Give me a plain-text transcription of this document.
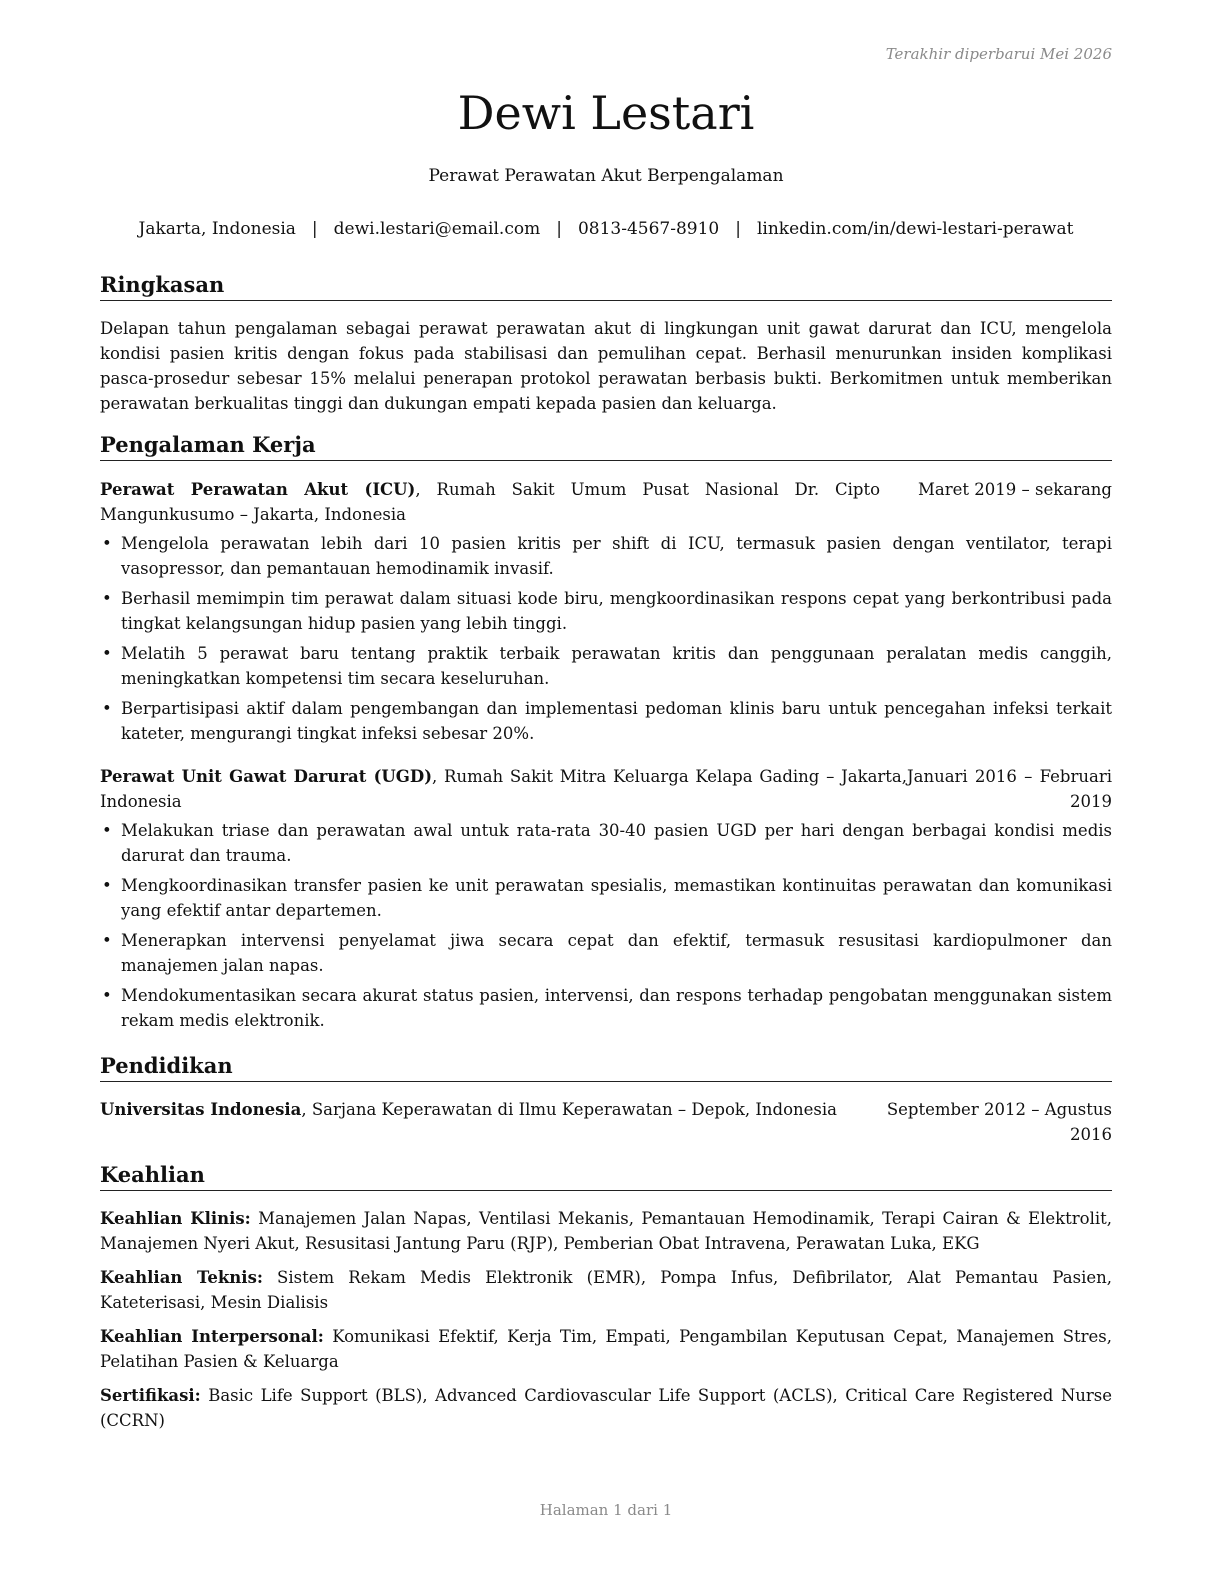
Terakhir diperbarui Mei 2026
Dewi Lestari
Perawat Perawatan Akut Berpengalaman
Jakarta, Indonesia | dewi.lestari@email.com | 0813-4567-8910 | linkedin.com/in/dewi-lestari-perawat
Ringkasan

Delapan tahun pengalaman sebagai perawat perawatan akut di lingkungan unit gawat darurat dan ICU, mengelola kondisi pasien kritis dengan fokus pada stabilisasi dan pemulihan cepat. Berhasil menurunkan insiden komplikasi pasca-prosedur sebesar 15% melalui penerapan protokol perawatan berbasis bukti. Berkomitmen untuk memberikan perawatan berkualitas tinggi dan dukungan empati kepada pasien dan keluarga.

Pengalaman Kerja
Perawat Perawatan Akut (ICU), Rumah Sakit Umum Pusat Nasional Dr. Cipto Mangunkusumo – Jakarta, Indonesia
Maret 2019 – sekarang
• Mengelola perawatan lebih dari 10 pasien kritis per shift di ICU, termasuk pasien dengan ventilator, terapi vasopressor, dan pemantauan hemodinamik invasif.
• Berhasil memimpin tim perawat dalam situasi kode biru, mengkoordinasikan respons cepat yang berkontribusi pada tingkat kelangsungan hidup pasien yang lebih tinggi.
• Melatih 5 perawat baru tentang praktik terbaik perawatan kritis dan penggunaan peralatan medis canggih, meningkatkan kompetensi tim secara keseluruhan.
• Berpartisipasi aktif dalam pengembangan dan implementasi pedoman klinis baru untuk pencegahan infeksi terkait kateter, mengurangi tingkat infeksi sebesar 20%.
Perawat Unit Gawat Darurat (UGD), Rumah Sakit Mitra Keluarga Kelapa Gading – Jakarta, Indonesia
Januari 2016 – Februari 2019
• Melakukan triase dan perawatan awal untuk rata-rata 30-40 pasien UGD per hari dengan berbagai kondisi medis darurat dan trauma.
• Mengkoordinasikan transfer pasien ke unit perawatan spesialis, memastikan kontinuitas perawatan dan komunikasi yang efektif antar departemen.
• Menerapkan intervensi penyelamat jiwa secara cepat dan efektif, termasuk resusitasi kardiopulmoner dan manajemen jalan napas.
• Mendokumentasikan secara akurat status pasien, intervensi, dan respons terhadap pengobatan menggunakan sistem rekam medis elektronik.
Pendidikan
Universitas Indonesia, Sarjana Keperawatan di Ilmu Keperawatan – Depok, Indonesia	September 2012 – Agustus 2016
Keahlian

Keahlian Klinis: Manajemen Jalan Napas, Ventilasi Mekanis, Pemantauan Hemodinamik, Terapi Cairan & Elektrolit, Manajemen Nyeri Akut, Resusitasi Jantung Paru (RJP), Pemberian Obat Intravena, Perawatan Luka, EKG

Keahlian Teknis: Sistem Rekam Medis Elektronik (EMR), Pompa Infus, Defibrilator, Alat Pemantau Pasien, Kateterisasi, Mesin Dialisis

Keahlian Interpersonal: Komunikasi Efektif, Kerja Tim, Empati, Pengambilan Keputusan Cepat, Manajemen Stres, Pelatihan Pasien & Keluarga

Sertifikasi: Basic Life Support (BLS), Advanced Cardiovascular Life Support (ACLS), Critical Care Registered Nurse (CCRN)

Halaman 1 dari 1
